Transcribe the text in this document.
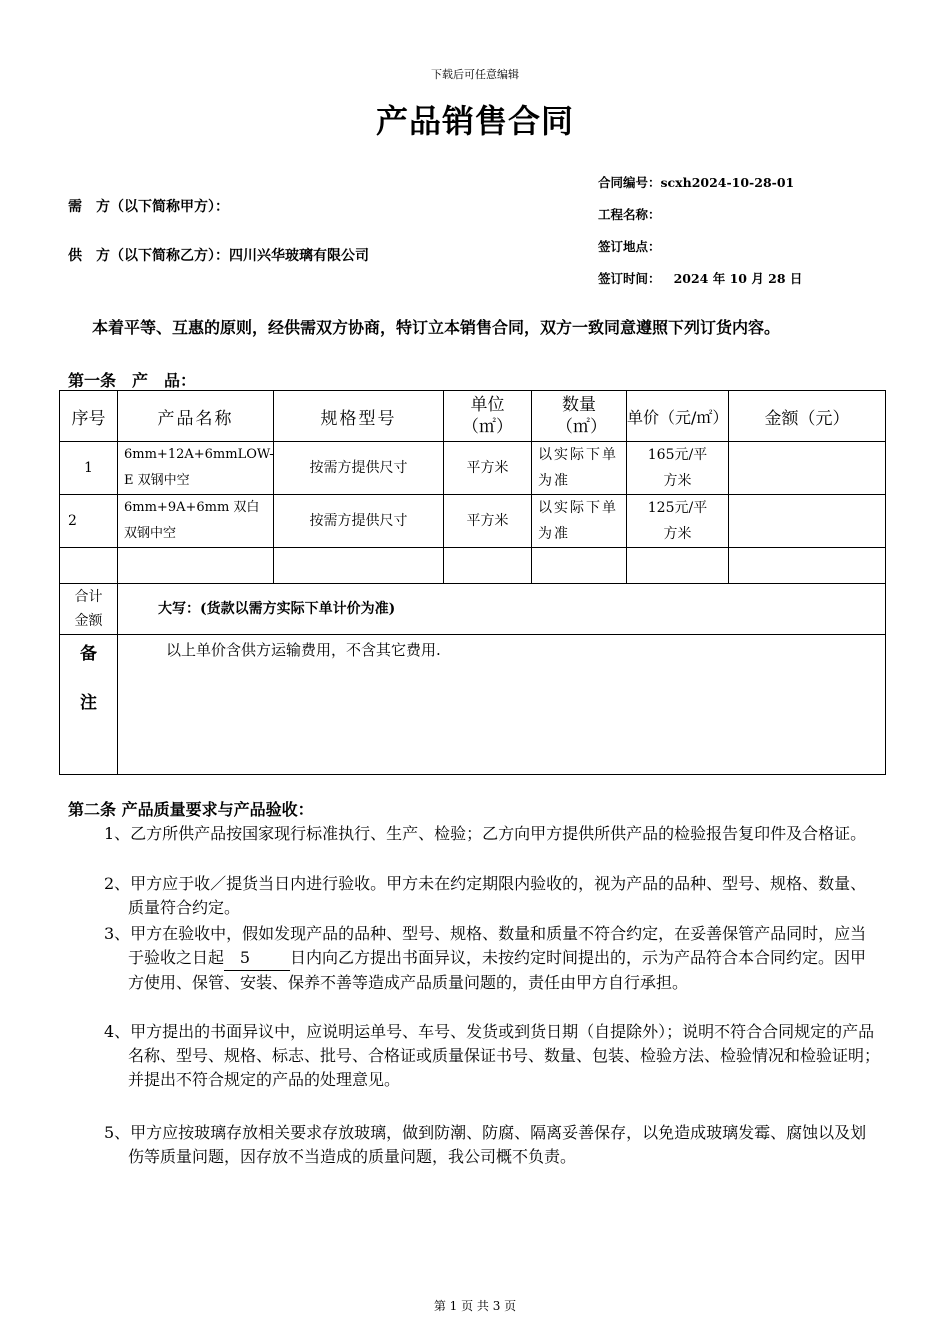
下载后可任意编辑
产品销售合同
合同编号：scxh2024-10-28-01
工程名称：
签订地点：
签订时间： 2024 年 10 月 28 日
需　方（以下简称甲方）：
供　方（以下简称乙方）：四川兴华玻璃有限公司
本着平等、互惠的原则，经供需双方协商，特订立本销售合同，双方一致同意遵照下列订货内容。
第一条　产　品：
序号	产品名称	规格型号	单位（㎡）	数量（㎡）	单价（元/㎡）	金额（元）
1	6mm+12A+6mmLOW-E 双钢中空	按需方提供尺寸	平方米	以实际下单为准	165元/平方米	
2	6mm+9A+6mm 双白双钢中空	按需方提供尺寸	平方米	以实际下单为准	125元/平方米	

合计金额	大写：(货款以需方实际下单计价为准)					

备
注	以上单价含供方运输费用，不含其它费用.					
第二条 产品质量要求与产品验收：
1、乙方所供产品按国家现行标准执行、生产、检验；乙方向甲方提供所供产品的检验报告复印件及合格证。
2、甲方应于收／提货当日内进行验收。甲方未在约定期限内验收的，视为产品的品种、型号、规格、数量、质量符合约定。
3、甲方在验收中，假如发现产品的品种、型号、规格、数量和质量不符合约定，在妥善保管产品同时，应当于验收之日起 5 日内向乙方提出书面异议，未按约定时间提出的，示为产品符合本合同约定。因甲方使用、保管、安装、保养不善等造成产品质量问题的，责任由甲方自行承担。
4、甲方提出的书面异议中，应说明运单号、车号、发货或到货日期（自提除外）；说明不符合合同规定的产品名称、型号、规格、标志、批号、合格证或质量保证书号、数量、包装、检验方法、检验情况和检验证明；并提出不符合规定的产品的处理意见。
5、甲方应按玻璃存放相关要求存放玻璃，做到防潮、防腐、隔离妥善保存，以免造成玻璃发霉、腐蚀以及划伤等质量问题，因存放不当造成的质量问题，我公司概不负责。
第 1 页 共 3 页
